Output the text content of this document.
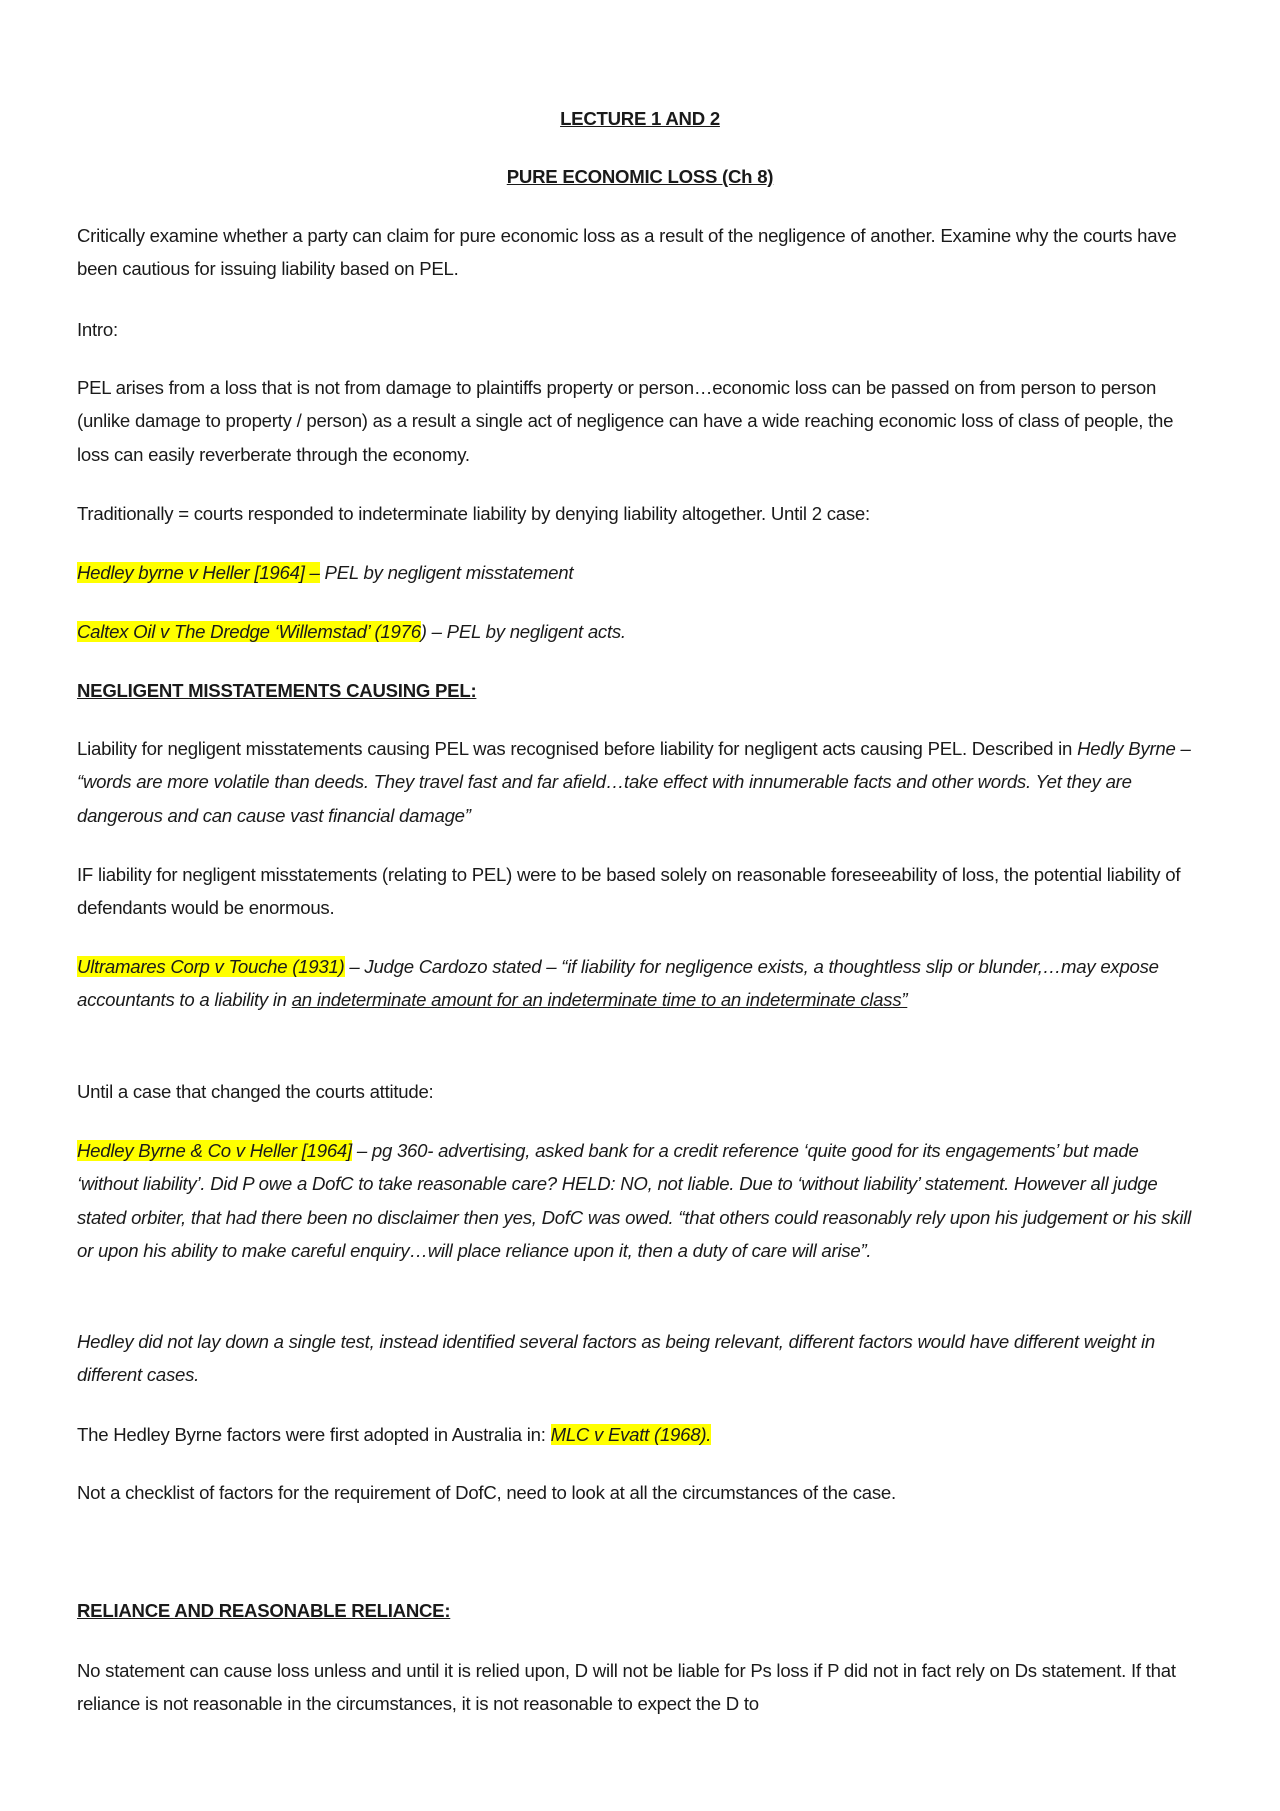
LECTURE 1 AND 2

PURE ECONOMIC LOSS (Ch 8)

Critically examine whether a party can claim for pure economic loss as a result of the negligence of another. Examine why the courts have been cautious for issuing liability based on PEL.

Intro:

PEL arises from a loss that is not from damage to plaintiffs property or person…economic loss can be passed on from person to person (unlike damage to property / person) as a result a single act of negligence can have a wide reaching economic loss of class of people, the loss can easily reverberate through the economy.

Traditionally = courts responded to indeterminate liability by denying liability altogether. Until 2 case:

Hedley byrne v Heller [1964] – PEL by negligent misstatement

Caltex Oil v The Dredge ‘Willemstad’ (1976) – PEL by negligent acts.

NEGLIGENT MISSTATEMENTS CAUSING PEL:

Liability for negligent misstatements causing PEL was recognised before liability for negligent acts causing PEL. Described in Hedly Byrne – “words are more volatile than deeds. They travel fast and far afield…take effect with innumerable facts and other words. Yet they are dangerous and can cause vast financial damage”

IF liability for negligent misstatements (relating to PEL) were to be based solely on reasonable foreseeability of loss, the potential liability of defendants would be enormous.

Ultramares Corp v Touche (1931) – Judge Cardozo stated – “if liability for negligence exists, a thoughtless slip or blunder,…may expose accountants to a liability in an indeterminate amount for an indeterminate time to an indeterminate class”

Until a case that changed the courts attitude:

Hedley Byrne & Co v Heller [1964] – pg 360- advertising, asked bank for a credit reference ‘quite good for its engagements’ but made ‘without liability’. Did P owe a DofC to take reasonable care? HELD: NO, not liable. Due to ‘without liability’ statement. However all judge stated orbiter, that had there been no disclaimer then yes, DofC was owed. “that others could reasonably rely upon his judgement or his skill or upon his ability to make careful enquiry…will place reliance upon it, then a duty of care will arise”.

Hedley did not lay down a single test, instead identified several factors as being relevant, different factors would have different weight in different cases.

The Hedley Byrne factors were first adopted in Australia in: MLC v Evatt (1968).

Not a checklist of factors for the requirement of DofC, need to look at all the circumstances of the case.

RELIANCE AND REASONABLE RELIANCE:

No statement can cause loss unless and until it is relied upon, D will not be liable for Ps loss if P did not in fact rely on Ds statement. If that reliance is not reasonable in the circumstances, it is not reasonable to expect the D to
